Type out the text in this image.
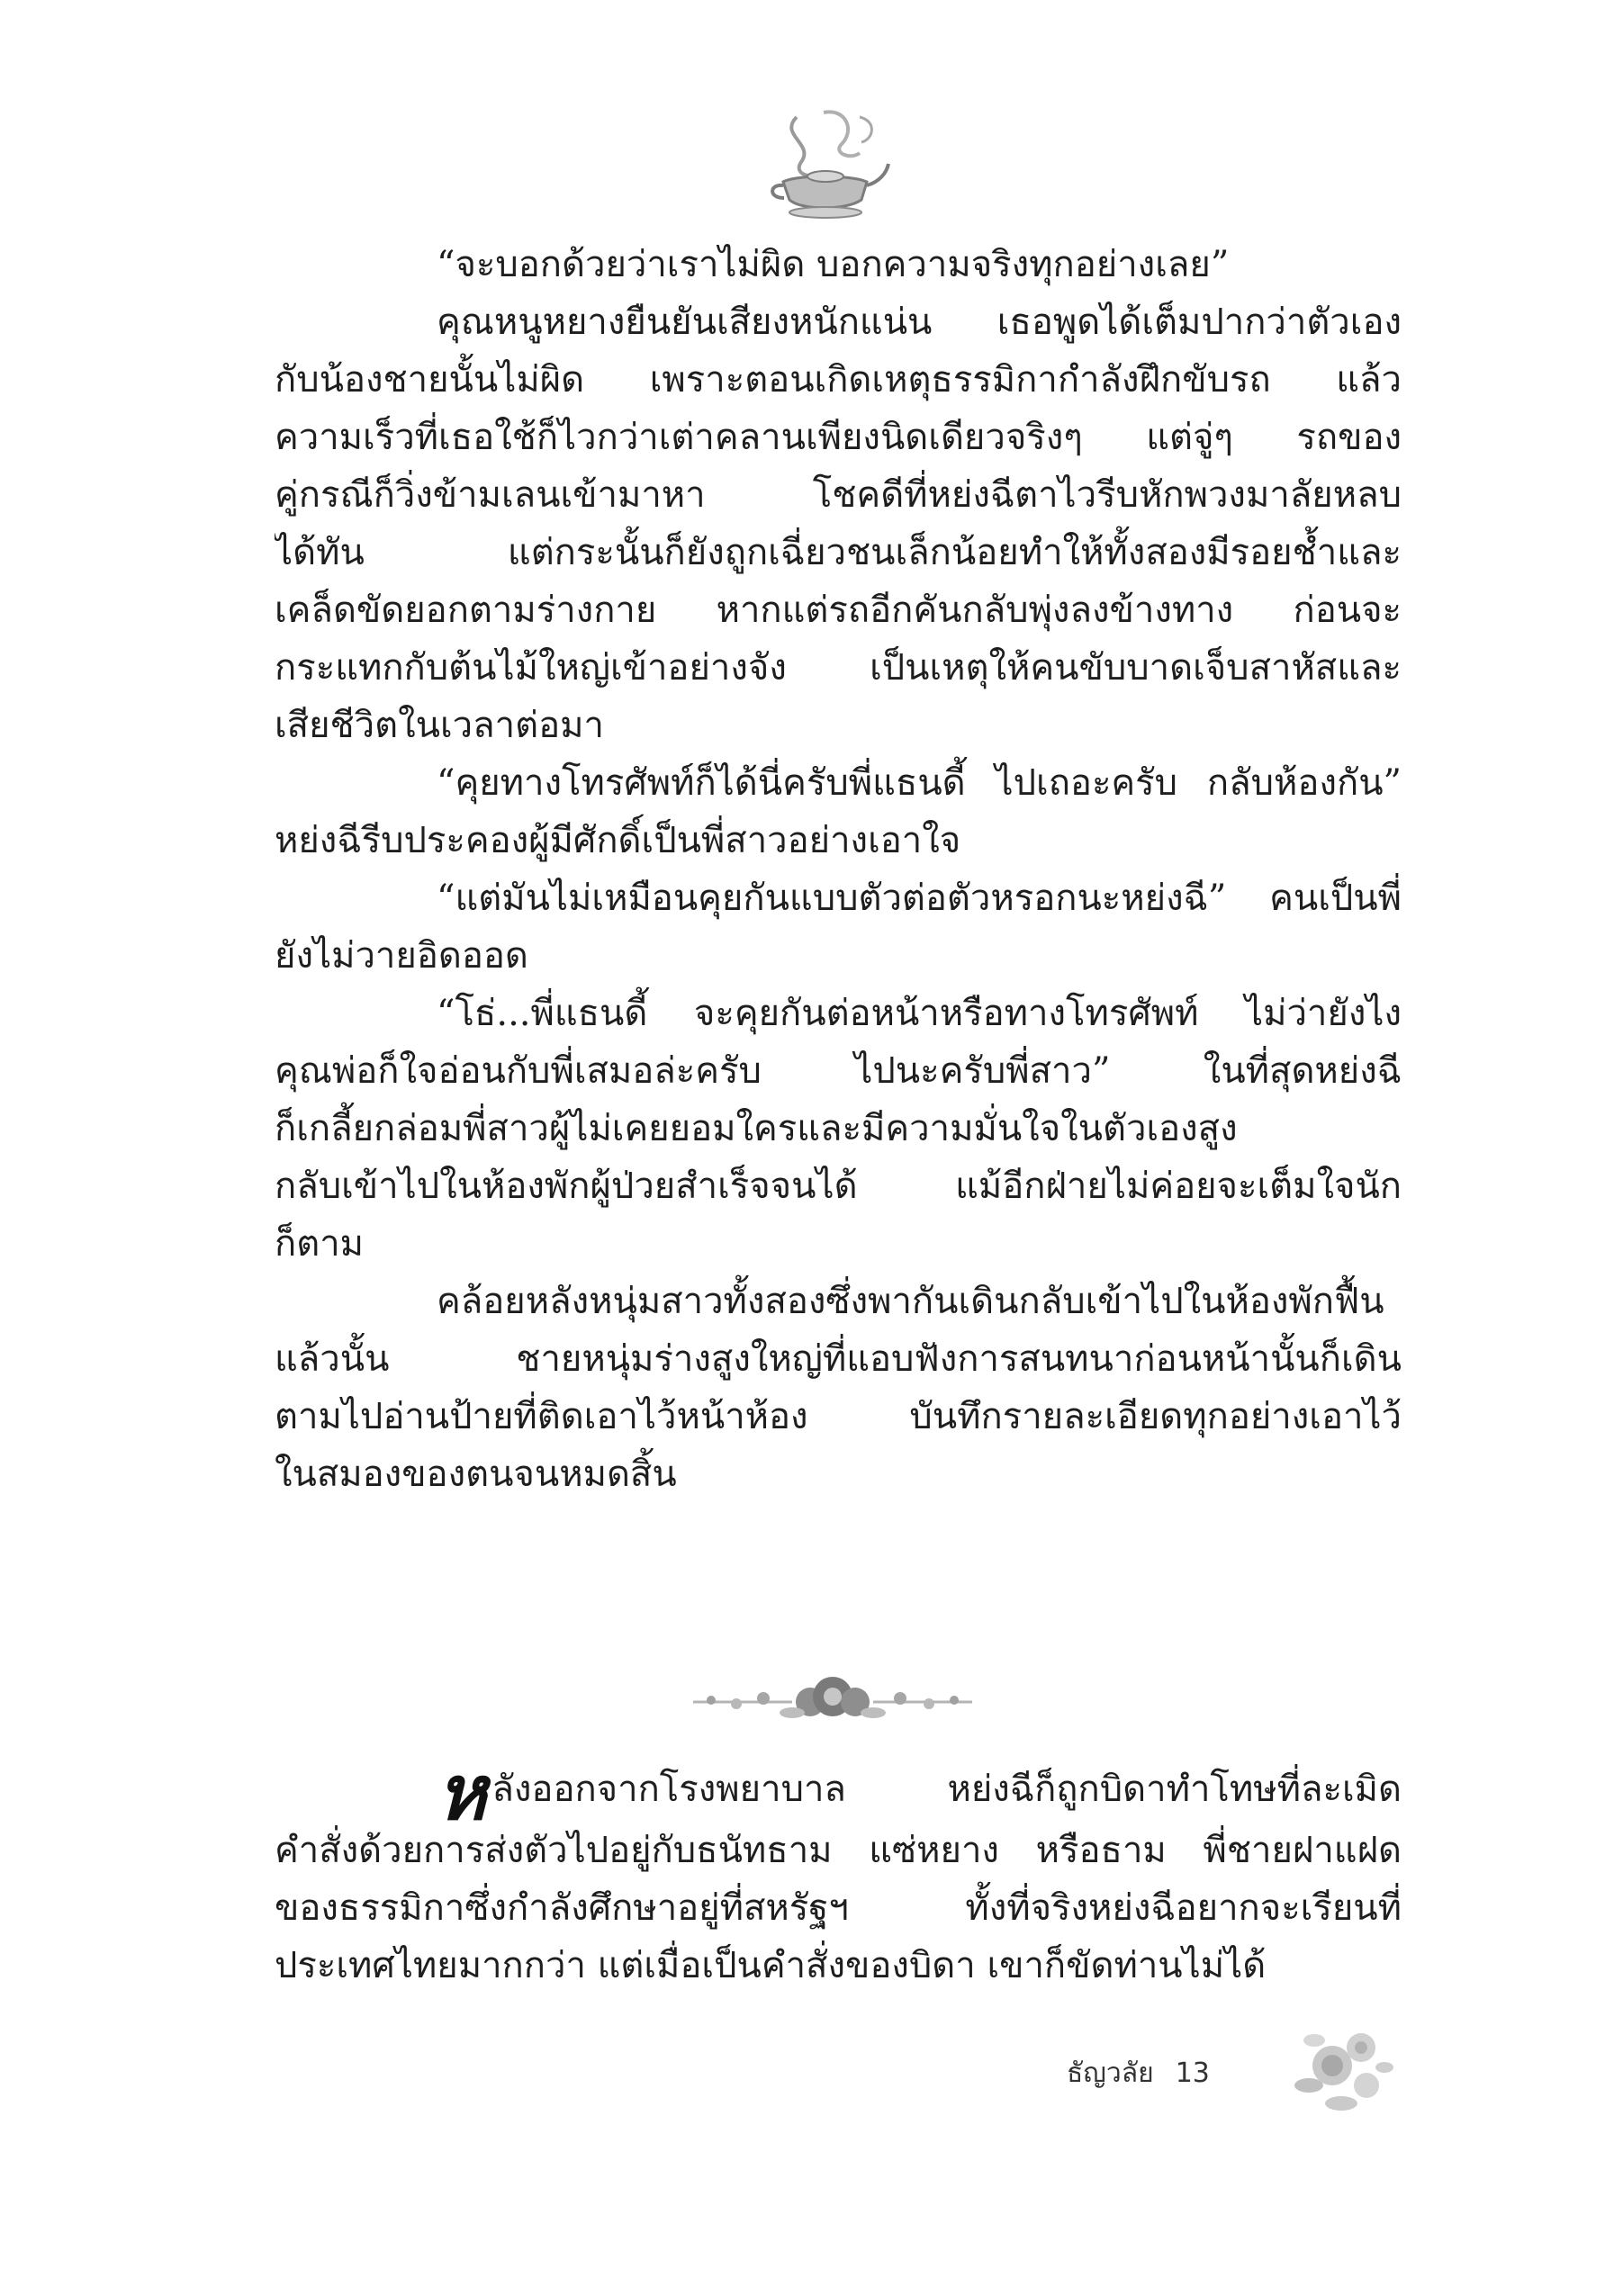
“จะบอกด้วยว่าเราไม่ผิด บอกความจริงทุกอย่างเลย”
คุณหนูหยางยืนยันเสียงหนักแน่น เธอพูดได้เต็มปากว่าตัวเอง
กับน้องชายนั้นไม่ผิด เพราะตอนเกิดเหตุธรรมิกากำลังฝึกขับรถ แล้ว
ความเร็วที่เธอใช้ก็ไวกว่าเต่าคลานเพียงนิดเดียวจริงๆ แต่จู่ๆ รถของ
คู่กรณีก็วิ่งข้ามเลนเข้ามาหา โชคดีที่หย่งฉีตาไวรีบหักพวงมาลัยหลบ
ได้ทัน แต่กระนั้นก็ยังถูกเฉี่ยวชนเล็กน้อยทำให้ทั้งสองมีรอยช้ำและ
เคล็ดขัดยอกตามร่างกาย หากแต่รถอีกคันกลับพุ่งลงข้างทาง ก่อนจะ
กระแทกกับต้นไม้ใหญ่เข้าอย่างจัง เป็นเหตุให้คนขับบาดเจ็บสาหัสและ
เสียชีวิตในเวลาต่อมา
“คุยทางโทรศัพท์ก็ได้นี่ครับพี่แธนดี้ ไปเถอะครับ กลับห้องกัน”
หย่งฉีรีบประคองผู้มีศักดิ์เป็นพี่สาวอย่างเอาใจ
“แต่มันไม่เหมือนคุยกันแบบตัวต่อตัวหรอกนะหย่งฉี” คนเป็นพี่
ยังไม่วายอิดออด
“โธ่...พี่แธนดี้ จะคุยกันต่อหน้าหรือทางโทรศัพท์ ไม่ว่ายังไง
คุณพ่อก็ใจอ่อนกับพี่เสมอล่ะครับ ไปนะครับพี่สาว” ในที่สุดหย่งฉี
ก็เกลี้ยกล่อมพี่สาวผู้ไม่เคยยอมใครและมีความมั่นใจในตัวเองสูง
กลับเข้าไปในห้องพักผู้ป่วยสำเร็จจนได้ แม้อีกฝ่ายไม่ค่อยจะเต็มใจนัก
ก็ตาม
คล้อยหลังหนุ่มสาวทั้งสองซึ่งพากันเดินกลับเข้าไปในห้องพักฟื้น
แล้วนั้น ชายหนุ่มร่างสูงใหญ่ที่แอบฟังการสนทนาก่อนหน้านั้นก็เดิน
ตามไปอ่านป้ายที่ติดเอาไว้หน้าห้อง บันทึกรายละเอียดทุกอย่างเอาไว้
ในสมองของตนจนหมดสิ้น
หลังออกจากโรงพยาบาล หย่งฉีก็ถูกบิดาทำโทษที่ละเมิด
คำสั่งด้วยการส่งตัวไปอยู่กับธนัทธาม แซ่หยาง หรือธาม พี่ชายฝาแฝด
ของธรรมิกาซึ่งกำลังศึกษาอยู่ที่สหรัฐฯ ทั้งที่จริงหย่งฉีอยากจะเรียนที่
ประเทศไทยมากกว่า แต่เมื่อเป็นคำสั่งของบิดา เขาก็ขัดท่านไม่ได้
ธัญวลัย 13
